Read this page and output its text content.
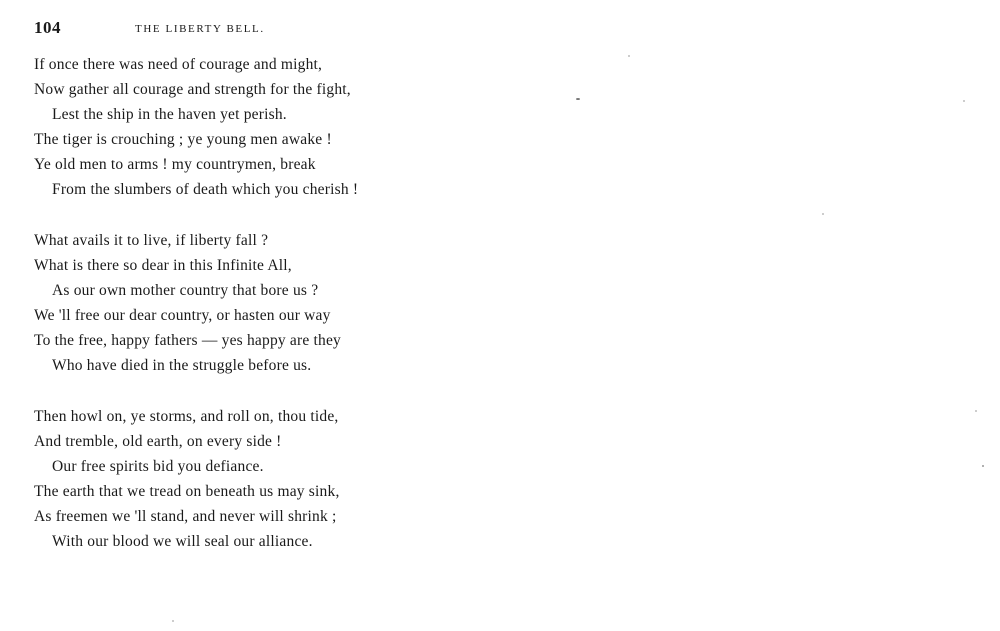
104	THE LIBERTY BELL.
If once there was need of courage and might,
Now gather all courage and strength for the fight,
Lest the ship in the haven yet perish.
The tiger is crouching ; ye young men awake !
Ye old men to arms ! my countrymen, break
From the slumbers of death which you cherish !
What avails it to live, if liberty fall ?
What is there so dear in this Infinite All,
As our own mother country that bore us ?
We 'll free our dear country, or hasten our way
To the free, happy fathers — yes happy are they
Who have died in the struggle before us.
Then howl on, ye storms, and roll on, thou tide,
And tremble, old earth, on every side !
Our free spirits bid you defiance.
The earth that we tread on beneath us may sink,
As freemen we 'll stand, and never will shrink ;
With our blood we will seal our alliance.
